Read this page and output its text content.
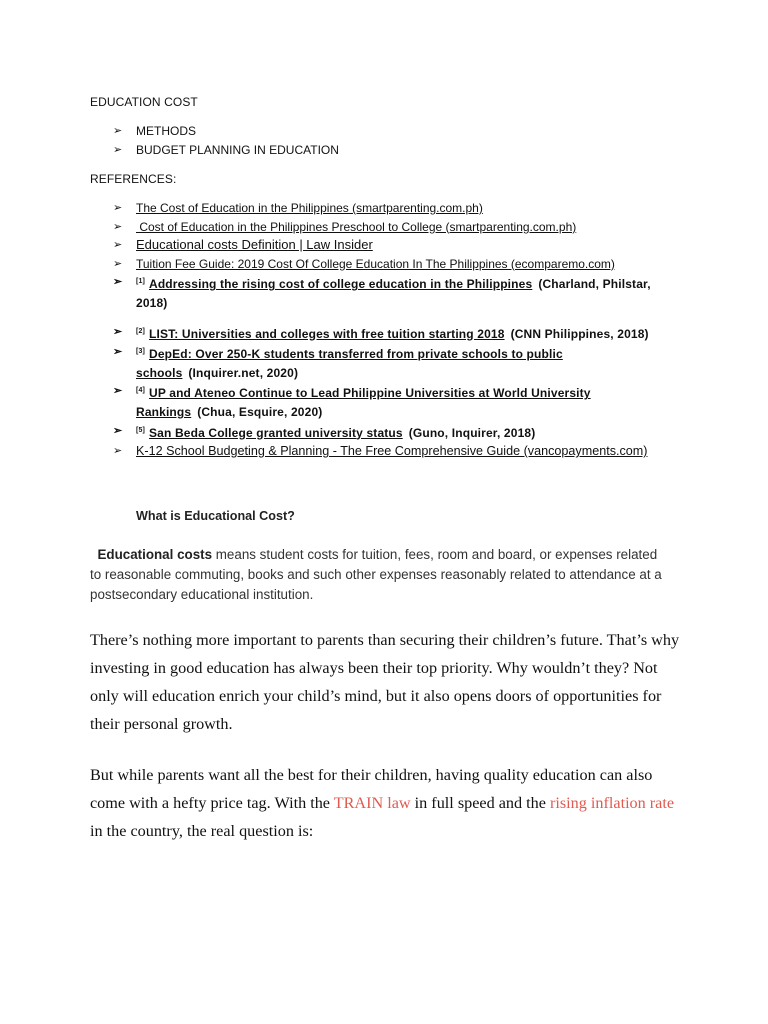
EDUCATION COST
➢	METHODS
➢	BUDGET PLANNING IN EDUCATION
REFERENCES:
➢	The Cost of Education in the Philippines (smartparenting.com.ph)
➢	Cost of Education in the Philippines Preschool to College (smartparenting.com.ph)
➢	Educational costs Definition | Law Insider
➢	Tuition Fee Guide: 2019 Cost Of College Education In The Philippines (ecomparemo.com)
➢	[1] Addressing the rising cost of college education in the Philippines (Charland, Philstar, 2018)
➢	[2] LIST: Universities and colleges with free tuition starting 2018 (CNN Philippines, 2018)
➢	[3] DepEd: Over 250-K students transferred from private schools to public schools (Inquirer.net, 2020)
➢	[4] UP and Ateneo Continue to Lead Philippine Universities at World University Rankings (Chua, Esquire, 2020)
➢	[5] San Beda College granted university status (Guno, Inquirer, 2018)
➢	K-12 School Budgeting & Planning - The Free Comprehensive Guide (vancopayments.com)
What is Educational Cost?
Educational costs means student costs for tuition, fees, room and board, or expenses related to reasonable commuting, books and such other expenses reasonably related to attendance at a postsecondary educational institution.
There’s nothing more important to parents than securing their children’s future. That’s why investing in good education has always been their top priority. Why wouldn’t they? Not only will education enrich your child’s mind, but it also opens doors of opportunities for their personal growth.
But while parents want all the best for their children, having quality education can also come with a hefty price tag. With the TRAIN law in full speed and the rising inflation rate in the country, the real question is:
